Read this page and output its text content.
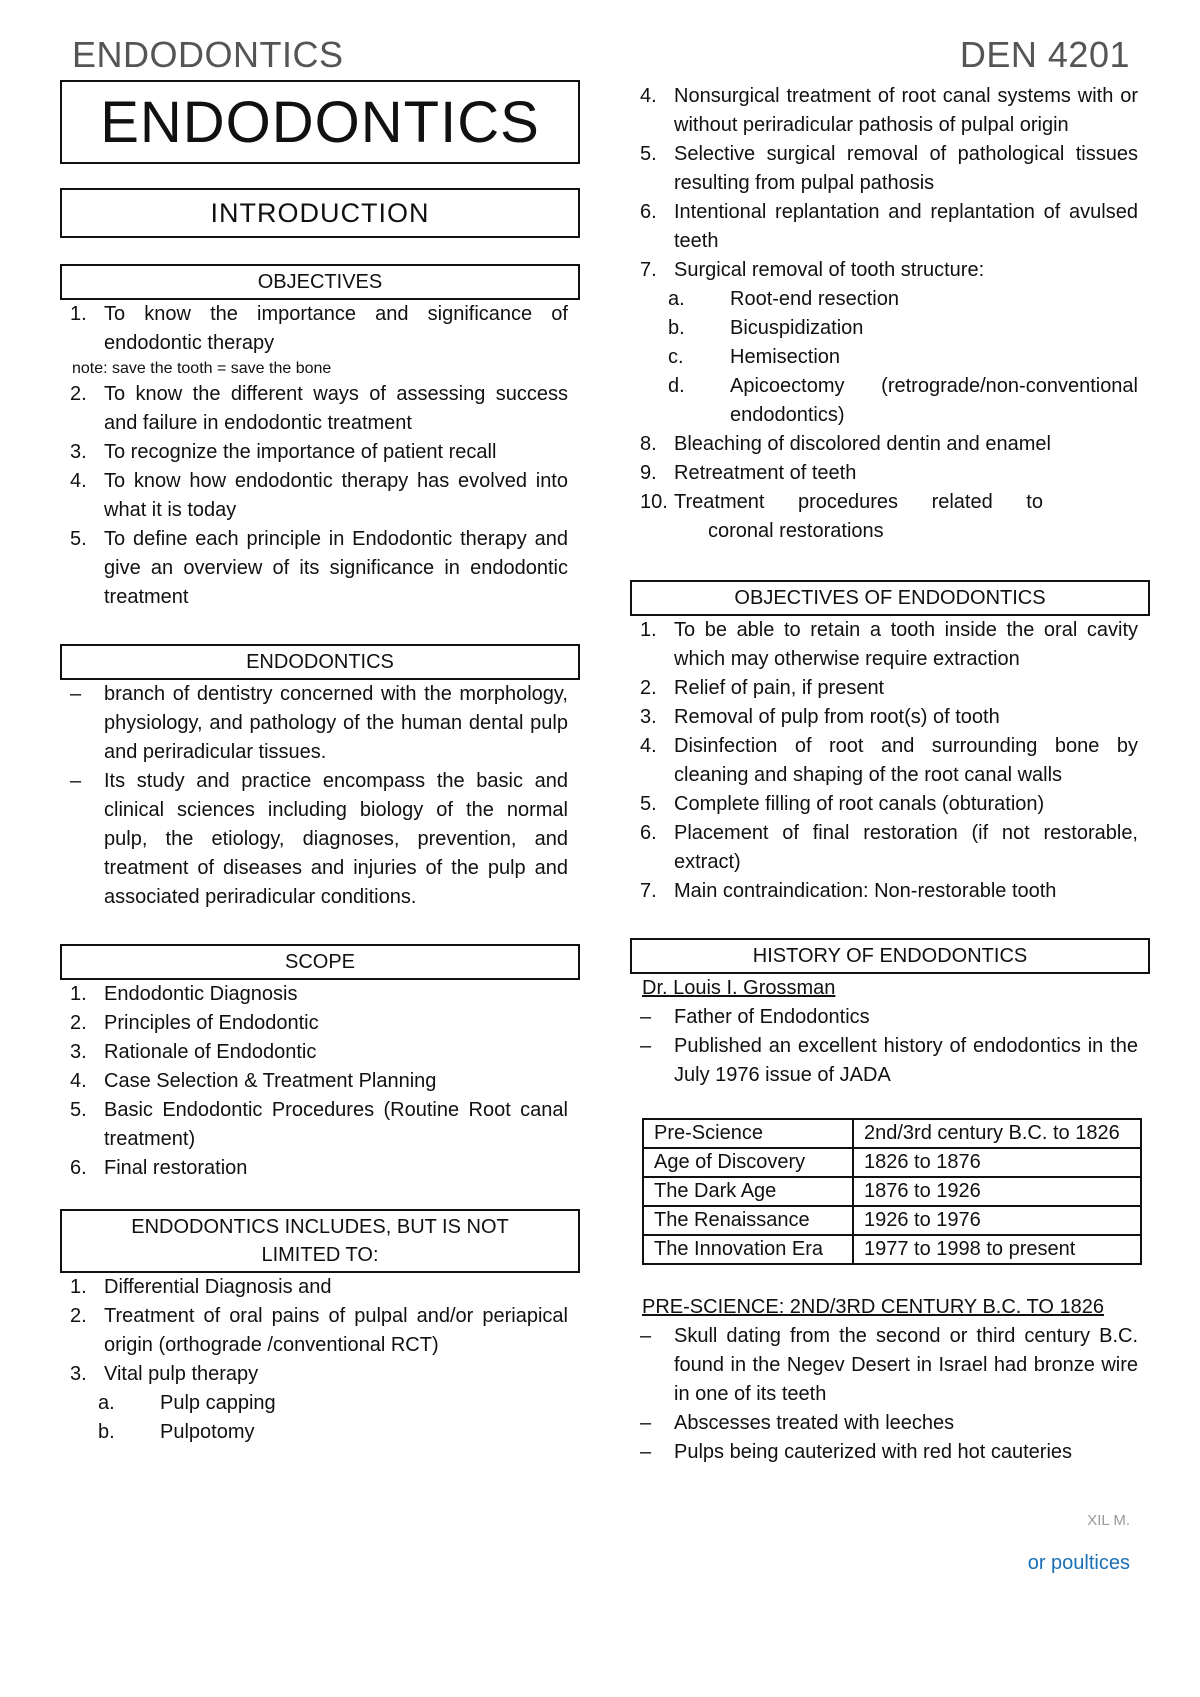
ENDODONTICS	DEN 4201
ENDODONTICS
INTRODUCTION
OBJECTIVES
1. To know the importance and significance of endodontic therapy
note: save the tooth = save the bone
2. To know the different ways of assessing success and failure in endodontic treatment
3. To recognize the importance of patient recall
4. To know how endodontic therapy has evolved into what it is today
5. To define each principle in Endodontic therapy and give an overview of its significance in endodontic treatment
ENDODONTICS
–	branch of dentistry concerned with the morphology, physiology, and pathology of the human dental pulp and periradicular tissues.
–	Its study and practice encompass the basic and clinical sciences including biology of the normal pulp, the etiology, diagnoses, prevention, and treatment of diseases and injuries of the pulp and associated periradicular conditions.
SCOPE
1. Endodontic Diagnosis
2. Principles of Endodontic
3. Rationale of Endodontic
4. Case Selection & Treatment Planning
5. Basic Endodontic Procedures (Routine Root canal treatment)
6. Final restoration
ENDODONTICS INCLUDES, BUT IS NOT LIMITED TO:
1. Differential Diagnosis and
2. Treatment of oral pains of pulpal and/or periapical origin (orthograde /conventional RCT)
3. Vital pulp therapy
a.	Pulp capping
b.	Pulpotomy
4. Nonsurgical treatment of root canal systems with or without periradicular pathosis of pulpal origin
5. Selective surgical removal of pathological tissues resulting from pulpal pathosis
6. Intentional replantation and replantation of avulsed teeth
7. Surgical removal of tooth structure:
a.	Root-end resection
b.	Bicuspidization
c.	Hemisection
d.	Apicoectomy (retrograde/non-conventional endodontics)
8. Bleaching of discolored dentin and enamel
9. Retreatment of teeth
10. Treatment procedures related to
coronal restorations
OBJECTIVES OF ENDODONTICS
1. To be able to retain a tooth inside the oral cavity which may otherwise require extraction
2. Relief of pain, if present
3. Removal of pulp from root(s) of tooth
4. Disinfection of root and surrounding bone by cleaning and shaping of the root canal walls
5. Complete filling of root canals (obturation)
6. Placement of final restoration (if not restorable, extract)
7. Main contraindication: Non-restorable tooth
HISTORY OF ENDODONTICS
Dr. Louis I. Grossman
–	Father of Endodontics
–	Published an excellent history of endodontics in the July 1976 issue of JADA
Pre-Science	2nd/3rd century B.C. to 1826
Age of Discovery	1826 to 1876
The Dark Age	1876 to 1926
The Renaissance	1926 to 1976
The Innovation Era	1977 to 1998 to present
PRE-SCIENCE: 2ND/3RD CENTURY B.C. TO 1826
–	Skull dating from the second or third century B.C. found in the Negev Desert in Israel had bronze wire in one of its teeth
–	Abscesses treated with leeches
–	Pulps being cauterized with red hot cauteries
XIL M.
or poultices
